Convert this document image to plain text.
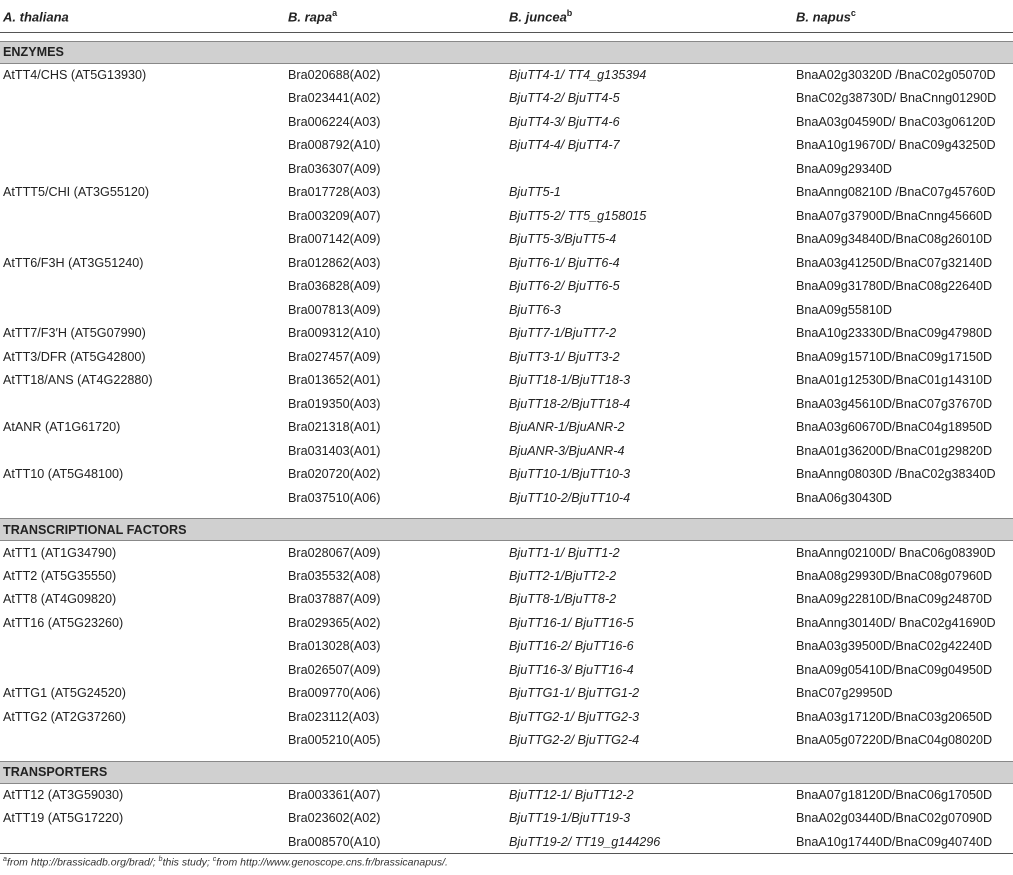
A. thaliana	B. rapa$^a$	B. juncea$^b$	B. napus$^c$

ENZYMES			
AtTT4/CHS (AT5G13930)	Bra020688(A02)	BjuTT4-1/ TT4_g135394	BnaA02g30320D /BnaC02g05070D
	Bra023441(A02)	BjuTT4-2/ BjuTT4-5	BnaC02g38730D/ BnaCnng01290D
	Bra006224(A03)	BjuTT4-3/ BjuTT4-6	BnaA03g04590D/ BnaC03g06120D
	Bra008792(A10)	BjuTT4-4/ BjuTT4-7	BnaA10g19670D/ BnaC09g43250D
	Bra036307(A09)		BnaA09g29340D
AtTTT5/CHI (AT3G55120)	Bra017728(A03)	BjuTT5-1	BnaAnng08210D /BnaC07g45760D
	Bra003209(A07)	BjuTT5-2/ TT5_g158015	BnaA07g37900D/BnaCnng45660D
	Bra007142(A09)	BjuTT5-3/BjuTT5-4	BnaA09g34840D/BnaC08g26010D
AtTT6/F3H (AT3G51240)	Bra012862(A03)	BjuTT6-1/ BjuTT6-4	BnaA03g41250D/BnaC07g32140D
	Bra036828(A09)	BjuTT6-2/ BjuTT6-5	BnaA09g31780D/BnaC08g22640D
	Bra007813(A09)	BjuTT6-3	BnaA09g55810D
AtTT7/F3′H (AT5G07990)	Bra009312(A10)	BjuTT7-1/BjuTT7-2	BnaA10g23330D/BnaC09g47980D
AtTT3/DFR (AT5G42800)	Bra027457(A09)	BjuTT3-1/ BjuTT3-2	BnaA09g15710D/BnaC09g17150D
AtTT18/ANS (AT4G22880)	Bra013652(A01)	BjuTT18-1/BjuTT18-3	BnaA01g12530D/BnaC01g14310D
	Bra019350(A03)	BjuTT18-2/BjuTT18-4	BnaA03g45610D/BnaC07g37670D
AtANR (AT1G61720)	Bra021318(A01)	BjuANR-1/BjuANR-2	BnaA03g60670D/BnaC04g18950D
	Bra031403(A01)	BjuANR-3/BjuANR-4	BnaA01g36200D/BnaC01g29820D
AtTT10 (AT5G48100)	Bra020720(A02)	BjuTT10-1/BjuTT10-3	BnaAnng08030D /BnaC02g38340D
	Bra037510(A06)	BjuTT10-2/BjuTT10-4	BnaA06g30430D

TRANSCRIPTIONAL FACTORS			
AtTT1 (AT1G34790)	Bra028067(A09)	BjuTT1-1/ BjuTT1-2	BnaAnng02100D/ BnaC06g08390D
AtTT2 (AT5G35550)	Bra035532(A08)	BjuTT2-1/BjuTT2-2	BnaA08g29930D/BnaC08g07960D
AtTT8 (AT4G09820)	Bra037887(A09)	BjuTT8-1/BjuTT8-2	BnaA09g22810D/BnaC09g24870D
AtTT16 (AT5G23260)	Bra029365(A02)	BjuTT16-1/ BjuTT16-5	BnaAnng30140D/ BnaC02g41690D
	Bra013028(A03)	BjuTT16-2/ BjuTT16-6	BnaA03g39500D/BnaC02g42240D
	Bra026507(A09)	BjuTT16-3/ BjuTT16-4	BnaA09g05410D/BnaC09g04950D
AtTTG1 (AT5G24520)	Bra009770(A06)	BjuTTG1-1/ BjuTTG1-2	BnaC07g29950D
AtTTG2 (AT2G37260)	Bra023112(A03)	BjuTTG2-1/ BjuTTG2-3	BnaA03g17120D/BnaC03g20650D
	Bra005210(A05)	BjuTTG2-2/ BjuTTG2-4	BnaA05g07220D/BnaC04g08020D

TRANSPORTERS			
AtTT12 (AT3G59030)	Bra003361(A07)	BjuTT12-1/ BjuTT12-2	BnaA07g18120D/BnaC06g17050D
AtTT19 (AT5G17220)	Bra023602(A02)	BjuTT19-1/BjuTT19-3	BnaA02g03440D/BnaC02g07090D
	Bra008570(A10)	BjuTT19-2/ TT19_g144296	BnaA10g17440D/BnaC09g40740D
$^a$from http://brassicadb.org/brad/; $^b$this study; $^c$from http://www.genoscope.cns.fr/brassicanapus/.
